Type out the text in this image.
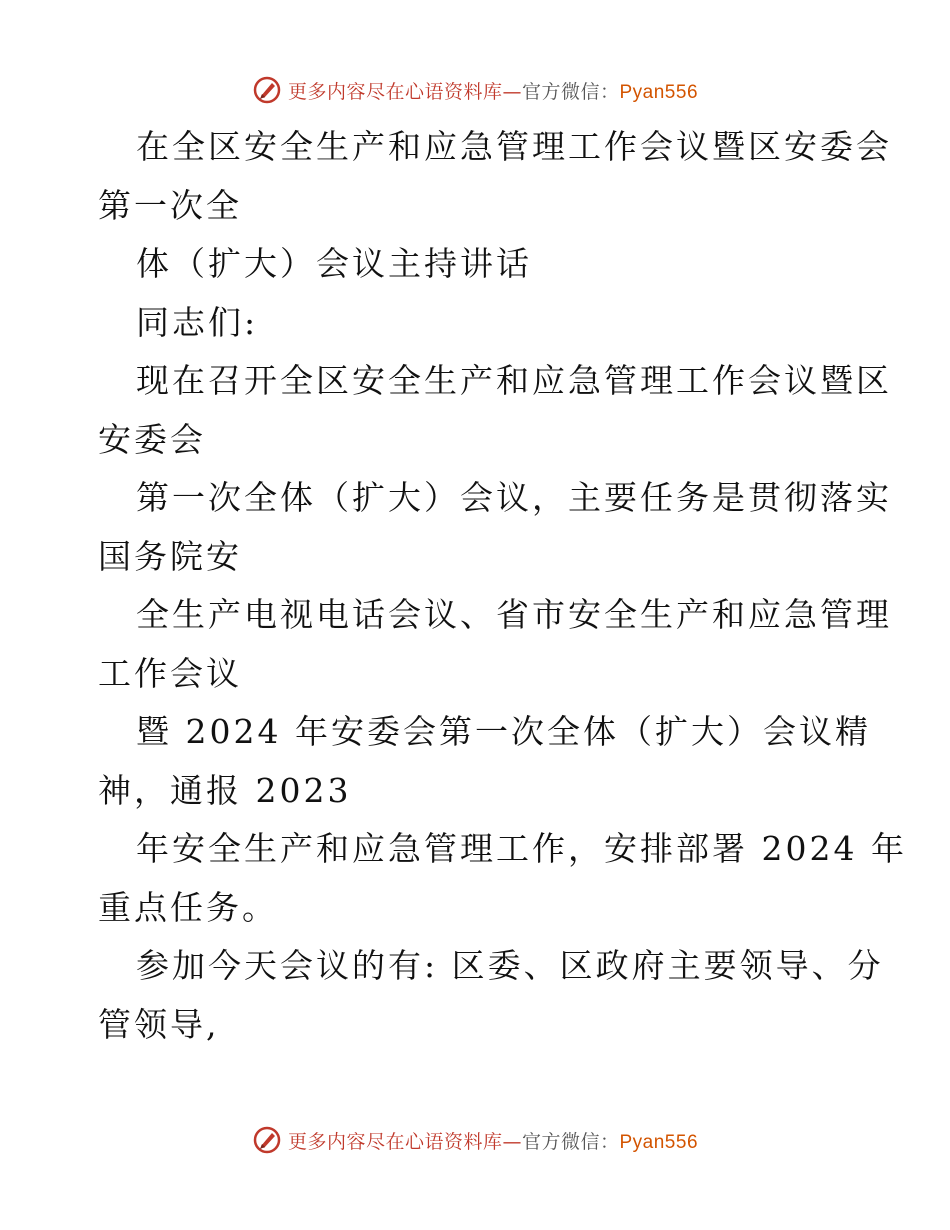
更多内容尽在心语资料库—官方微信：Pyan556
在全区安全生产和应急管理工作会议暨区安委会
第一次全
体（扩大）会议主持讲话
同志们:
现在召开全区安全生产和应急管理工作会议暨区
安委会
第一次全体（扩大）会议，主要任务是贯彻落实
国务院安
全生产电视电话会议、省市安全生产和应急管理
工作会议
暨 2024 年安委会第一次全体（扩大）会议精
神，通报 2023
年安全生产和应急管理工作，安排部署 2024 年
重点任务。
参加今天会议的有: 区委、区政府主要领导、分
管领导,
更多内容尽在心语资料库—官方微信：Pyan556
